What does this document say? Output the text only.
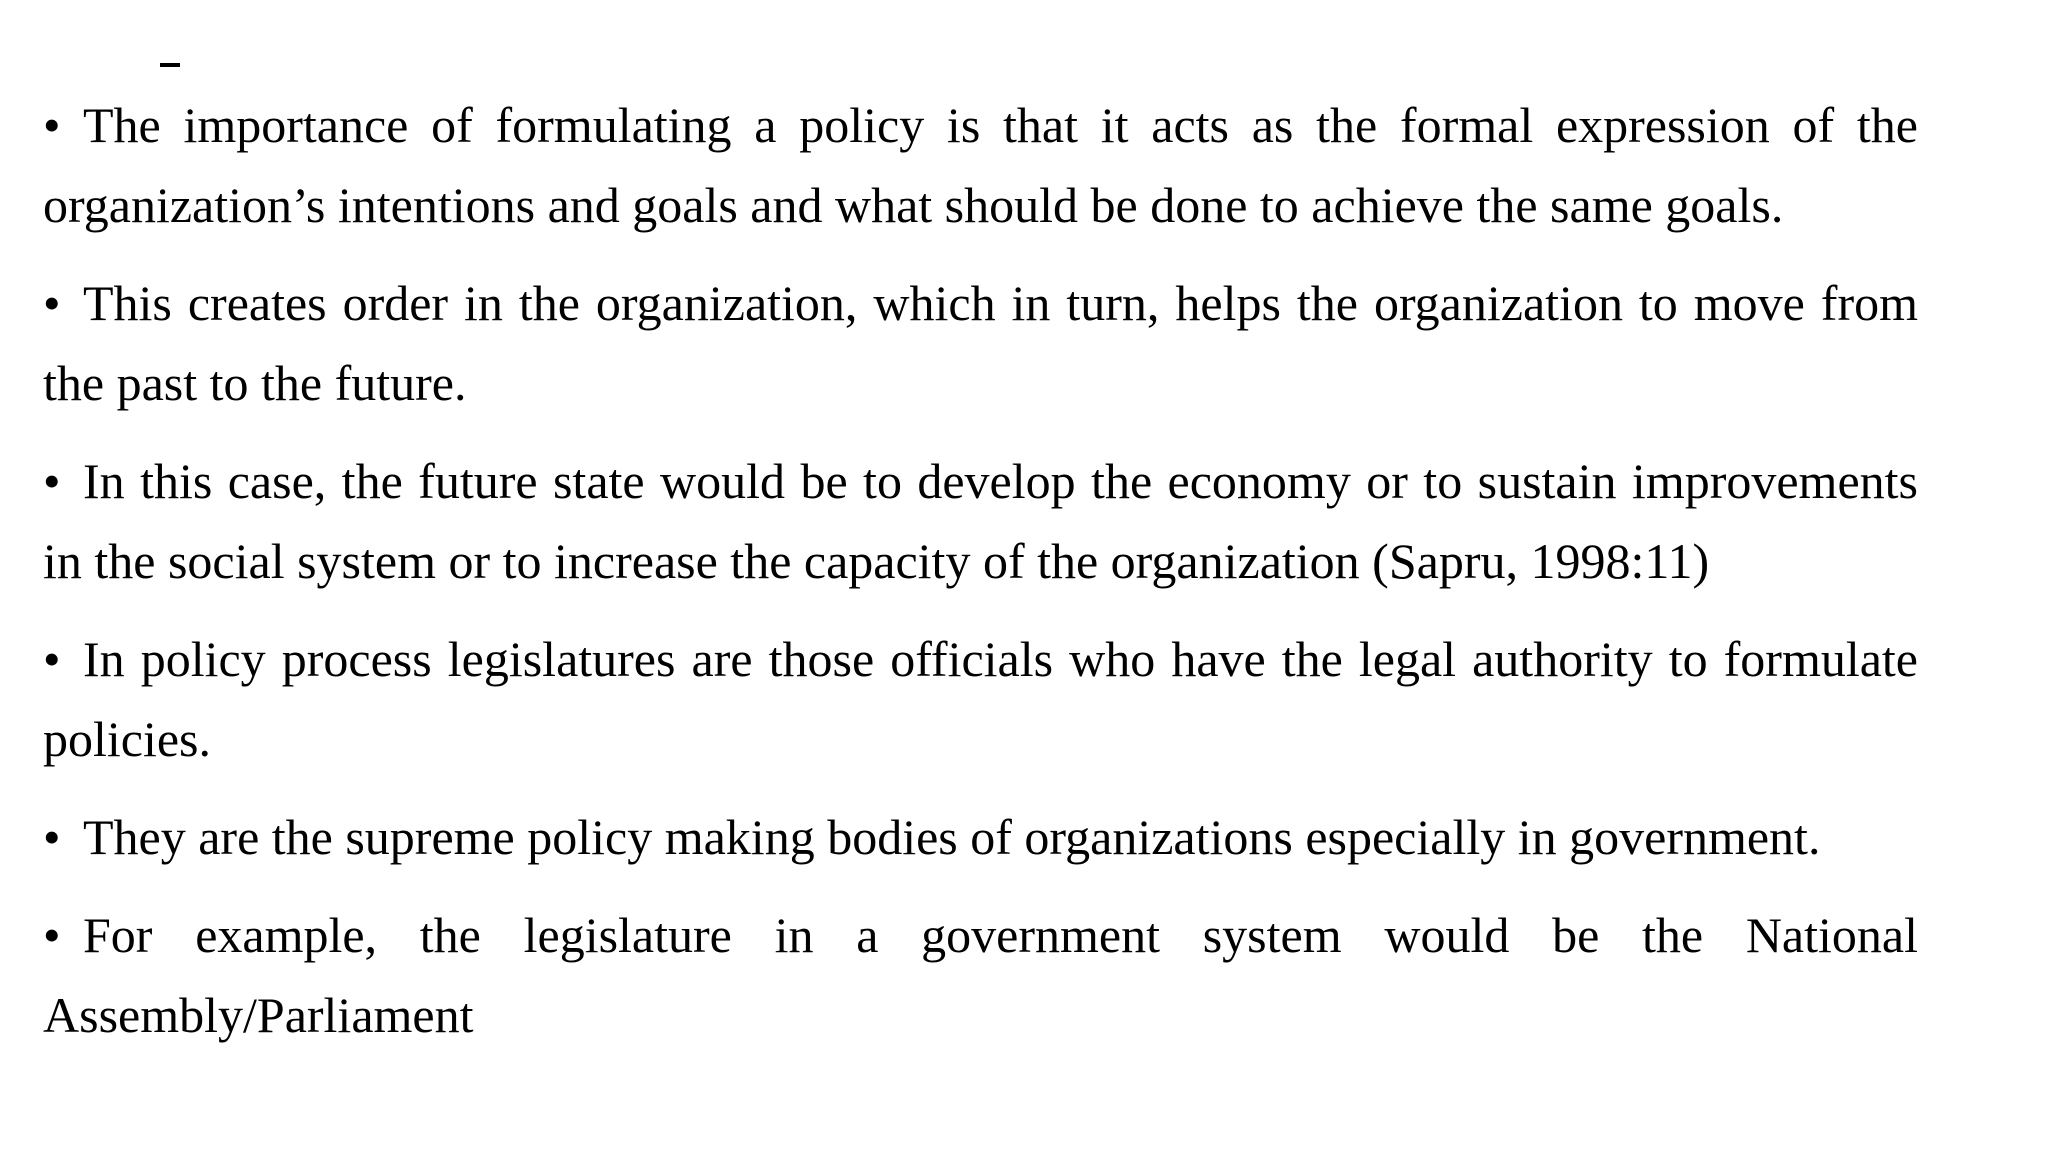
• The importance of formulating a policy is that it acts as the formal expression of the organization’s intentions and goals and what should be done to achieve the same goals.

• This creates order in the organization, which in turn, helps the organization to move from the past to the future.

• In this case, the future state would be to develop the economy or to sustain improvements in the social system or to increase the capacity of the organization (Sapru, 1998:11)

• In policy process legislatures are those officials who have the legal authority to formulate policies.

• They are the supreme policy making bodies of organizations especially in government.

• For example, the legislature in a government system would be the National Assembly/Parliament
